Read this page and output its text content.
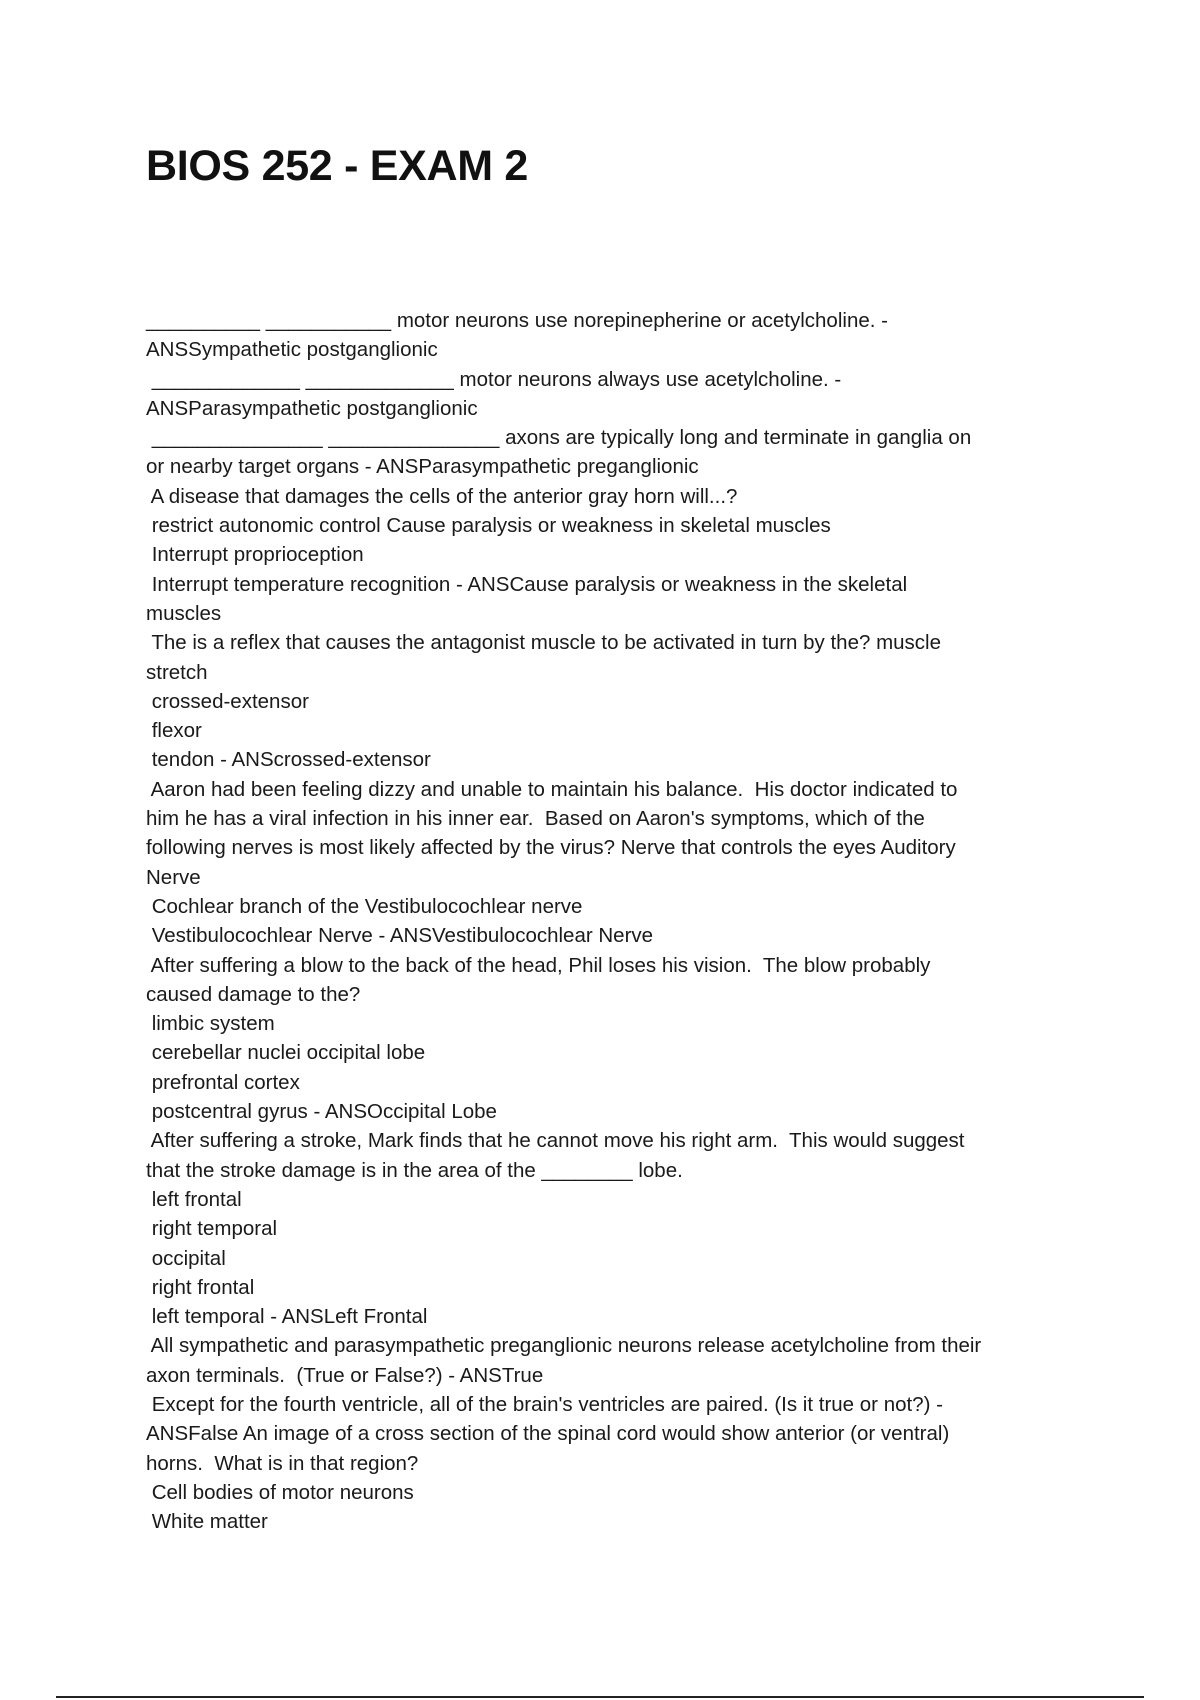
BIOS 252 - EXAM 2
__________ ___________ motor neurons use norepinepherine or acetylcholine. -
ANSSympathetic postganglionic
_____________ _____________ motor neurons always use acetylcholine. -
ANSParasympathetic postganglionic
_______________ _______________ axons are typically long and terminate in ganglia on
or nearby target organs - ANSParasympathetic preganglionic
A disease that damages the cells of the anterior gray horn will...?
restrict autonomic control Cause paralysis or weakness in skeletal muscles
Interrupt proprioception
Interrupt temperature recognition - ANSCause paralysis or weakness in the skeletal
muscles
The is a reflex that causes the antagonist muscle to be activated in turn by the? muscle
stretch
crossed-extensor
flexor
tendon - ANScrossed-extensor
Aaron had been feeling dizzy and unable to maintain his balance.  His doctor indicated to
him he has a viral infection in his inner ear.  Based on Aaron's symptoms, which of the
following nerves is most likely affected by the virus? Nerve that controls the eyes Auditory
Nerve
Cochlear branch of the Vestibulocochlear nerve
Vestibulocochlear Nerve - ANSVestibulocochlear Nerve
After suffering a blow to the back of the head, Phil loses his vision.  The blow probably
caused damage to the?
limbic system
cerebellar nuclei occipital lobe
prefrontal cortex
postcentral gyrus - ANSOccipital Lobe
After suffering a stroke, Mark finds that he cannot move his right arm.  This would suggest
that the stroke damage is in the area of the ________ lobe.
left frontal
right temporal
occipital
right frontal
left temporal - ANSLeft Frontal
All sympathetic and parasympathetic preganglionic neurons release acetylcholine from their
axon terminals.  (True or False?) - ANSTrue
Except for the fourth ventricle, all of the brain's ventricles are paired. (Is it true or not?) -
ANSFalse An image of a cross section of the spinal cord would show anterior (or ventral)
horns.  What is in that region?
Cell bodies of motor neurons
White matter
